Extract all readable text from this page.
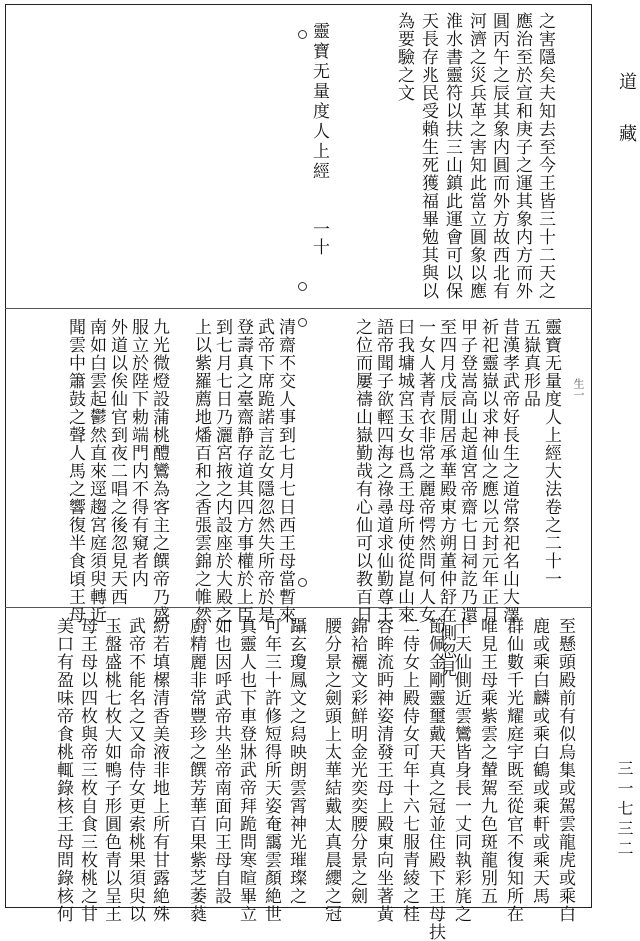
道
藏
三一七三二
之害隱矣夫知去至今王皆三十二天之
應治至於宣和庚子之運其象内方而外
圓丙午之辰其象内圓而外方故西北有
河濟之災兵革之害知此當立圓象以應
淮水書靈符以扶三山鎮此運會可以保
天長存兆民受賴生死獲福畢勉其與以
為要驗之文
靈寶无量度人上經
一十
靈寶无量度人上經大法卷之二十一 生一
五嶽真形品
昔漢孝武帝好長生之道常祭祀名山大澤
祈祀靈嶽以求神仙之應以元封元年正月
甲子登嵩高山起道宮帝齋七日祠訖乃還
至四月戊辰閒居承華殿東方朔董仲舒在側忽見
一女人著青衣非常之麗帝愕然問何人女
曰我墉城宮玉女也爲王母所使從崑山來
語帝聞子欲輕四海之祿尋道求仙勤尊王
之位而屢禱山嶽勤哉有心仙可以教百日
清齋不交人事到七月七日西王母當暫來
武帝下席跪諾言訖女隱忽然失所帝於是
登壽真之臺齋静存道其四方事權於上臣
到七月七日乃灑宮掖之内設座於大殿之
上以紫羅薦地燔百和之香張雲錦之帷然
九光微燈設蒲桃醴鸞為客主之饌帝乃盛
服立於陛下勅端門内不得有窺者内
外道以俟仙官到夜二唱之後忽見天西
南如白雲起鬱然直來逕趨宮庭須臾轉近
聞雲中簫鼓之聲人馬之響復半食頃王母
至懸頭殿前有似烏集或駕雲龍虎或乘白
鹿或乘白麟或乘白鶴或乘軒或乘天馬
群仙數千光耀庭宇既至從官不復知所在
唯見王母乘紫雲之輦駕九色斑龍別五
十天仙側近雲鸞皆身長一丈同執彩旄之
節佩金剛靈璽戴天真之冠並住殿下王母扶
二侍女上殿侍女可年十六七服青綾之桂
容眸流眄神姿清發王母上殿東向坐著黃
錦袷襹文彩鮮明金光奕奕腰分景之劍
腰分景之劍頭上太華結戴太真晨纓之冠
躡玄瓊鳳文之舄映朗雲霄神光璀璨之
可年三十許修短得所天姿奄靄雲顏絶世
真靈人也下車登牀武帝拜跪問寒暄畢立
如也因呼武帝共坐帝南面向王母自設
廚精麗非常豐珍之饌芳華百果紫芝萎蕤
紛若填樏清香美液非地上所有甘露絶殊
武帝不能名之又命侍女更索桃果須臾以
玉盤盛桃七枚大如鴨子形圓色青以呈王
母王母以四枚與帝三枚自食三枚桃之甘
美口有盈味帝食桃輒錄核王母問錄核何
